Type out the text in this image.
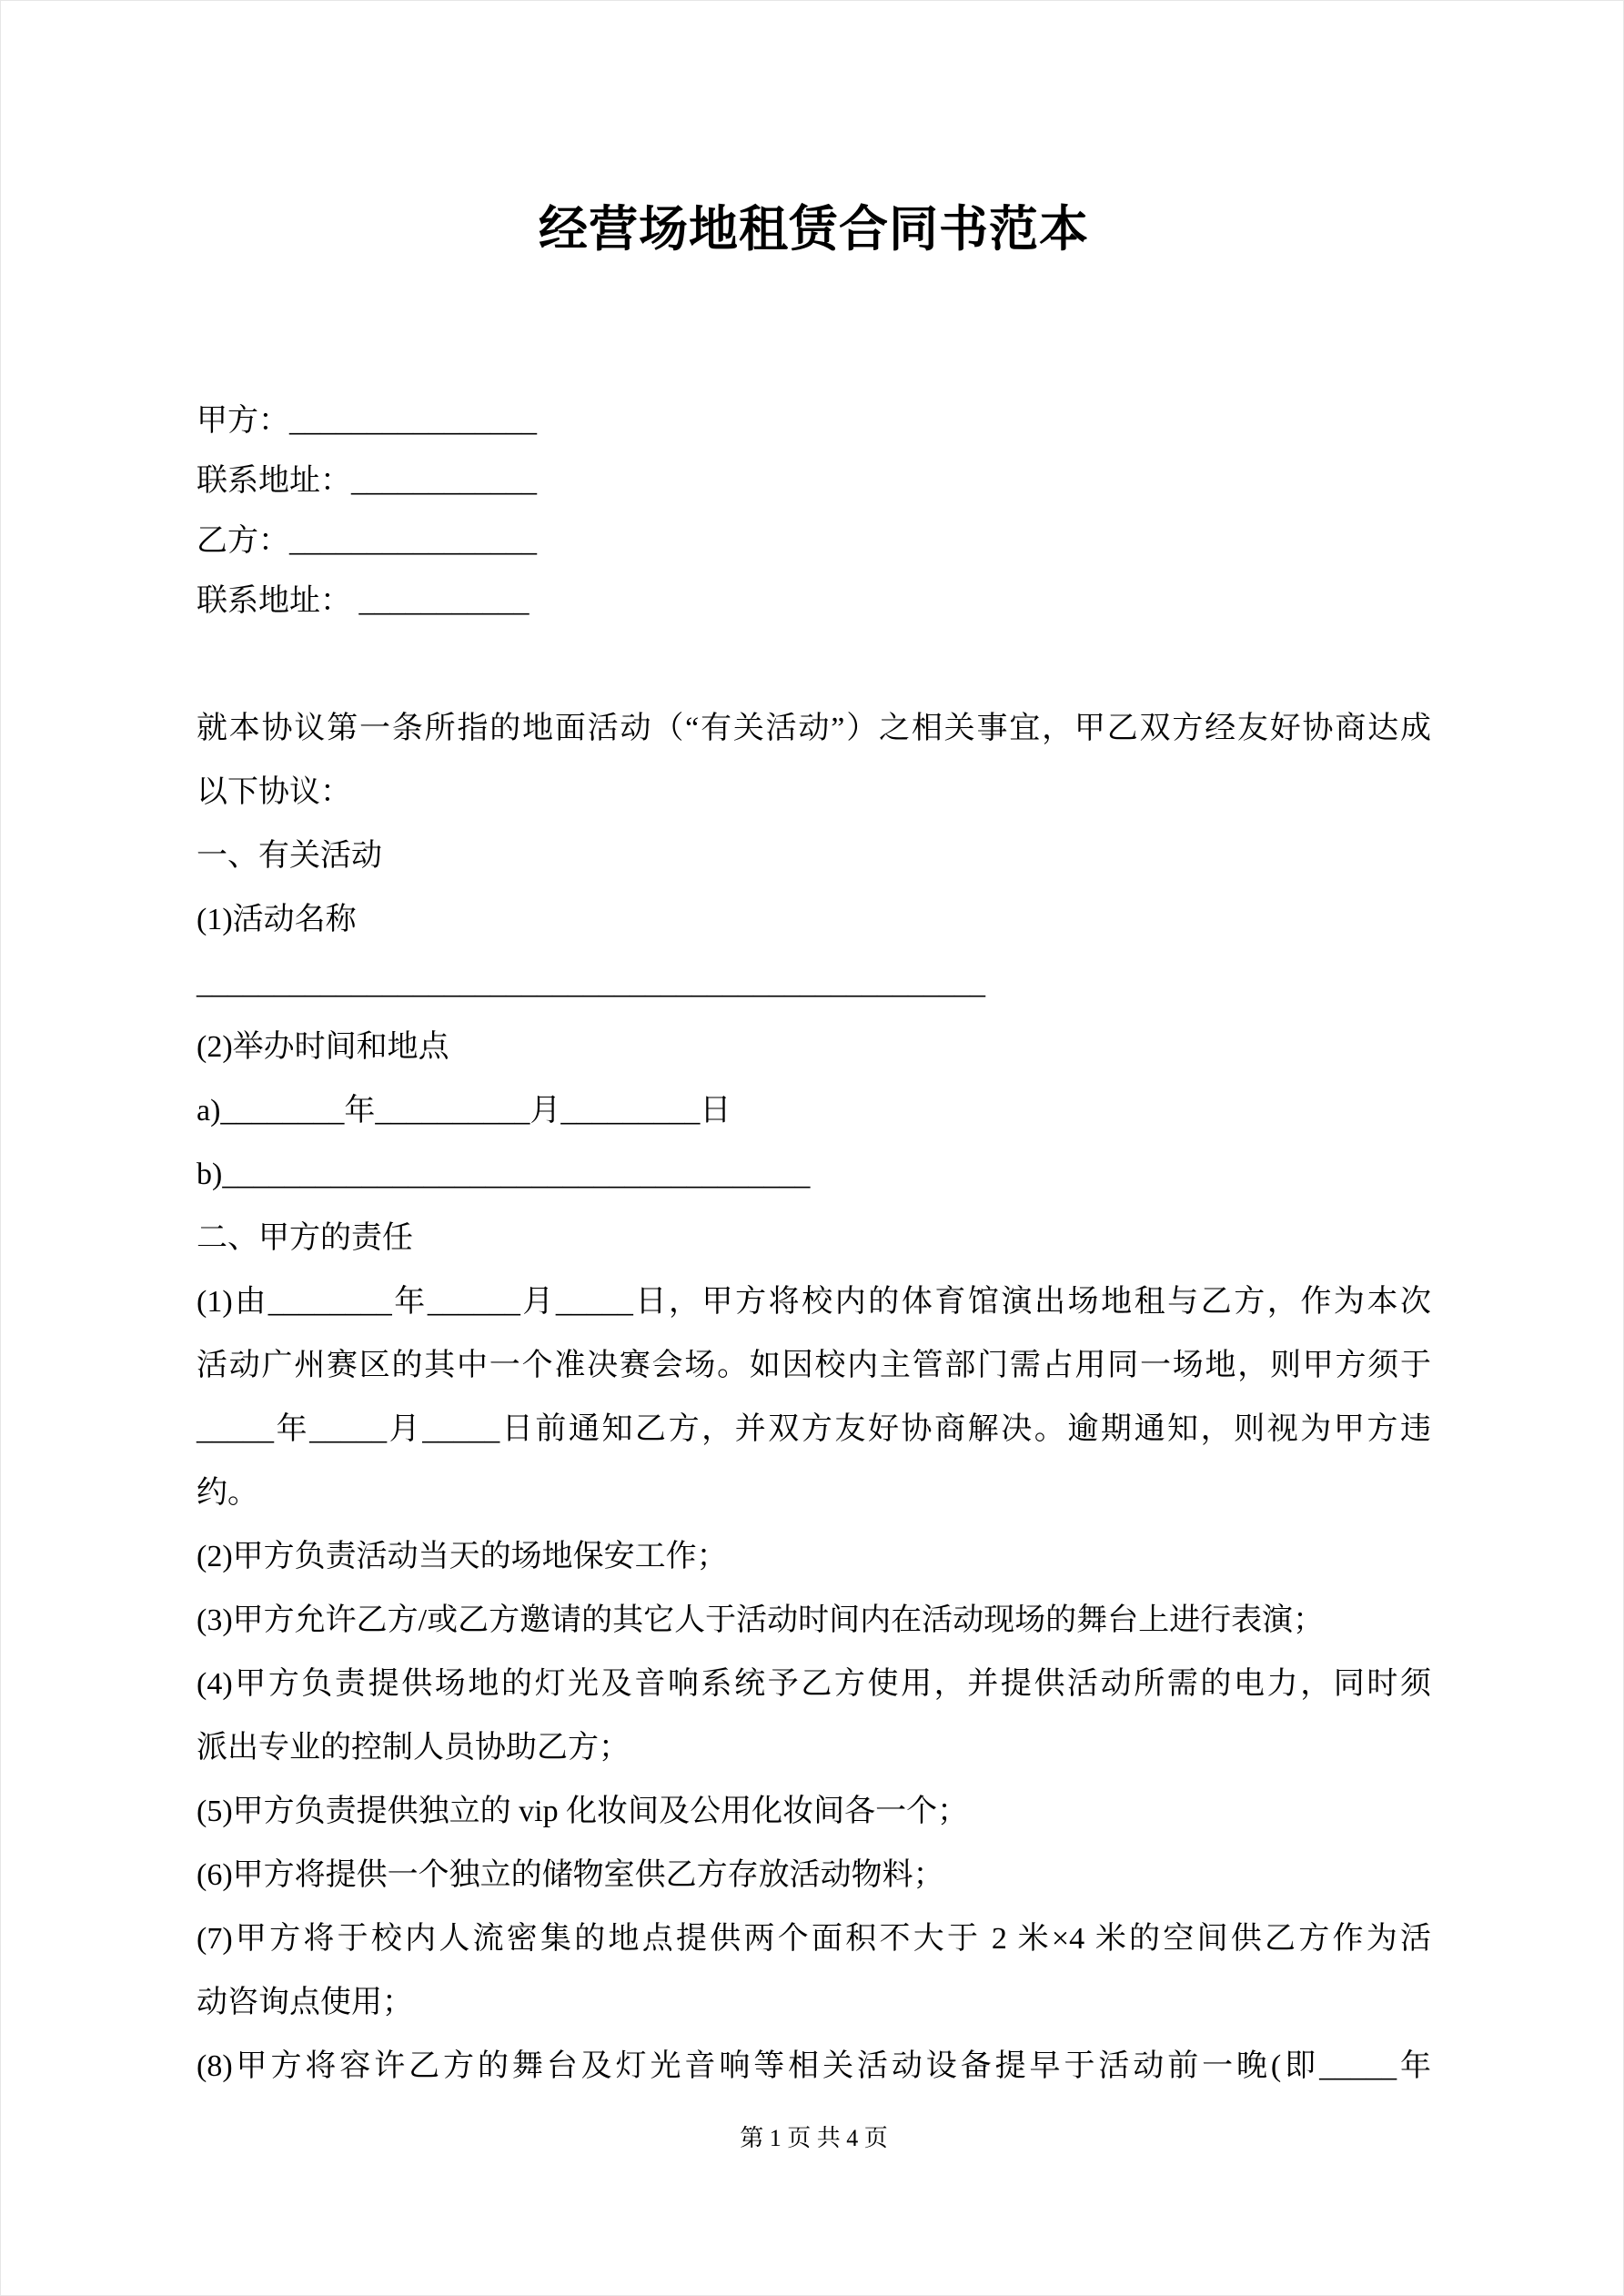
经营场地租赁合同书范本
甲方：________________
联系地址：____________
乙方：________________
联系地址： ___________
就本协议第一条所指的地面活动（“有关活动”）之相关事宜，甲乙双方经友好协商达成
以下协议：
一、有关活动
(1)活动名称
___________________________________________________
(2)举办时间和地点
a)________年__________月_________日
b)______________________________________
二、甲方的责任
(1)由________年______月_____日，甲方将校内的体育馆演出场地租与乙方，作为本次
活动广州赛区的其中一个准决赛会场。如因校内主管部门需占用同一场地，则甲方须于
_____年_____月_____日前通知乙方，并双方友好协商解决。逾期通知，则视为甲方违
约。
(2)甲方负责活动当天的场地保安工作；
(3)甲方允许乙方/或乙方邀请的其它人于活动时间内在活动现场的舞台上进行表演；
(4)甲方负责提供场地的灯光及音响系统予乙方使用，并提供活动所需的电力，同时须
派出专业的控制人员协助乙方；
(5)甲方负责提供独立的 vip 化妆间及公用化妆间各一个；
(6)甲方将提供一个独立的储物室供乙方存放活动物料；
(7)甲方将于校内人流密集的地点提供两个面积不大于 2 米×4 米的空间供乙方作为活
动咨询点使用；
(8)甲方将容许乙方的舞台及灯光音响等相关活动设备提早于活动前一晚(即_____年
第 1 页 共 4 页
